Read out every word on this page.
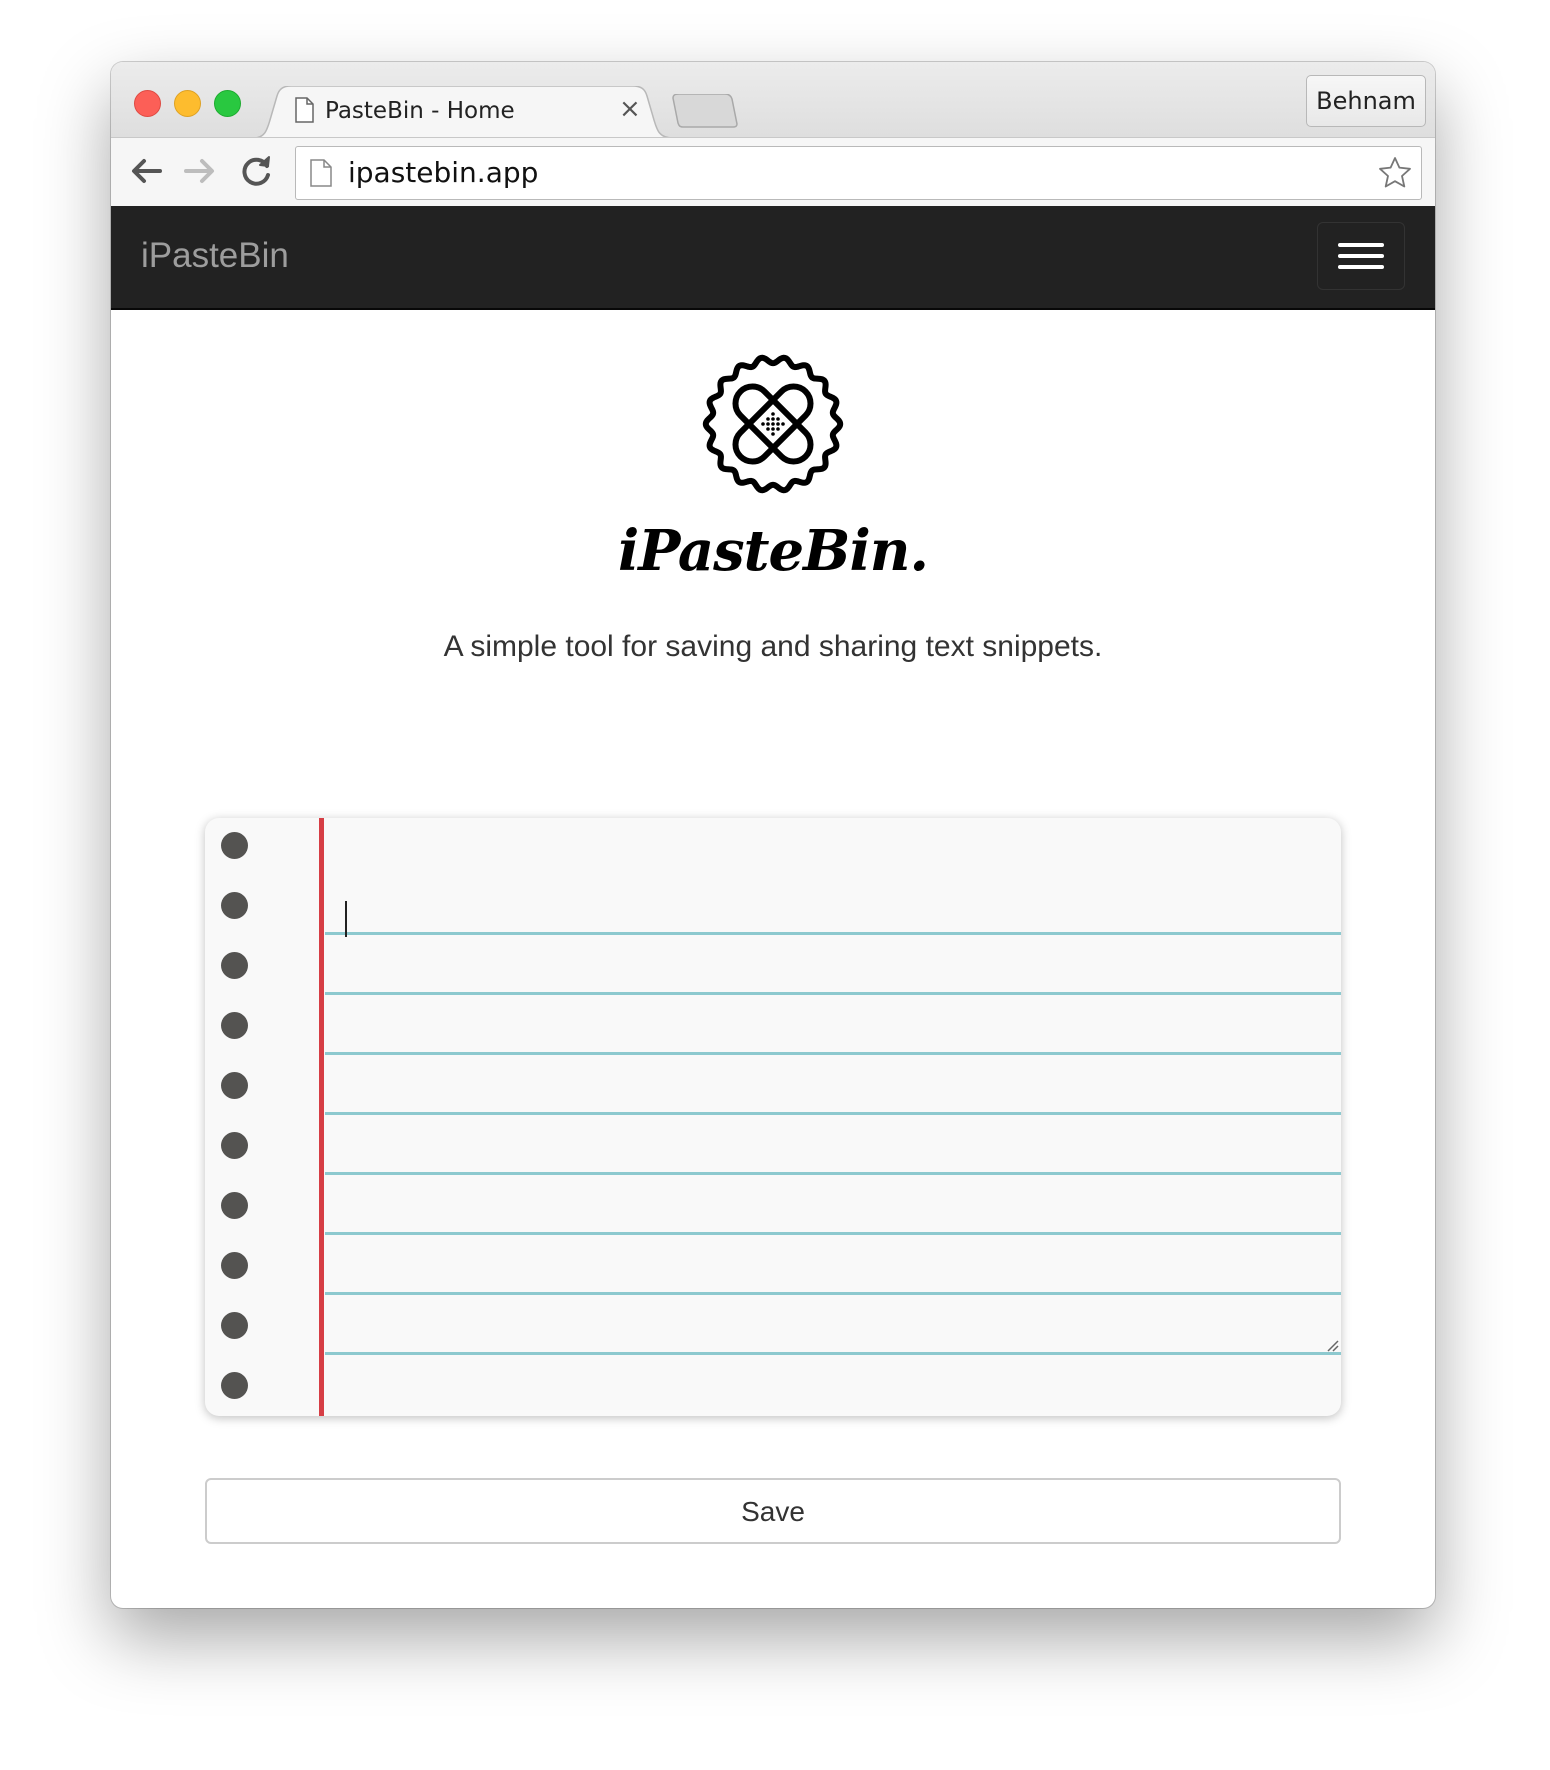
PasteBin - Home	×	Behnam
ipastebin.app
iPasteBin
iPasteBin.
A simple tool for saving and sharing text snippets.
Save
